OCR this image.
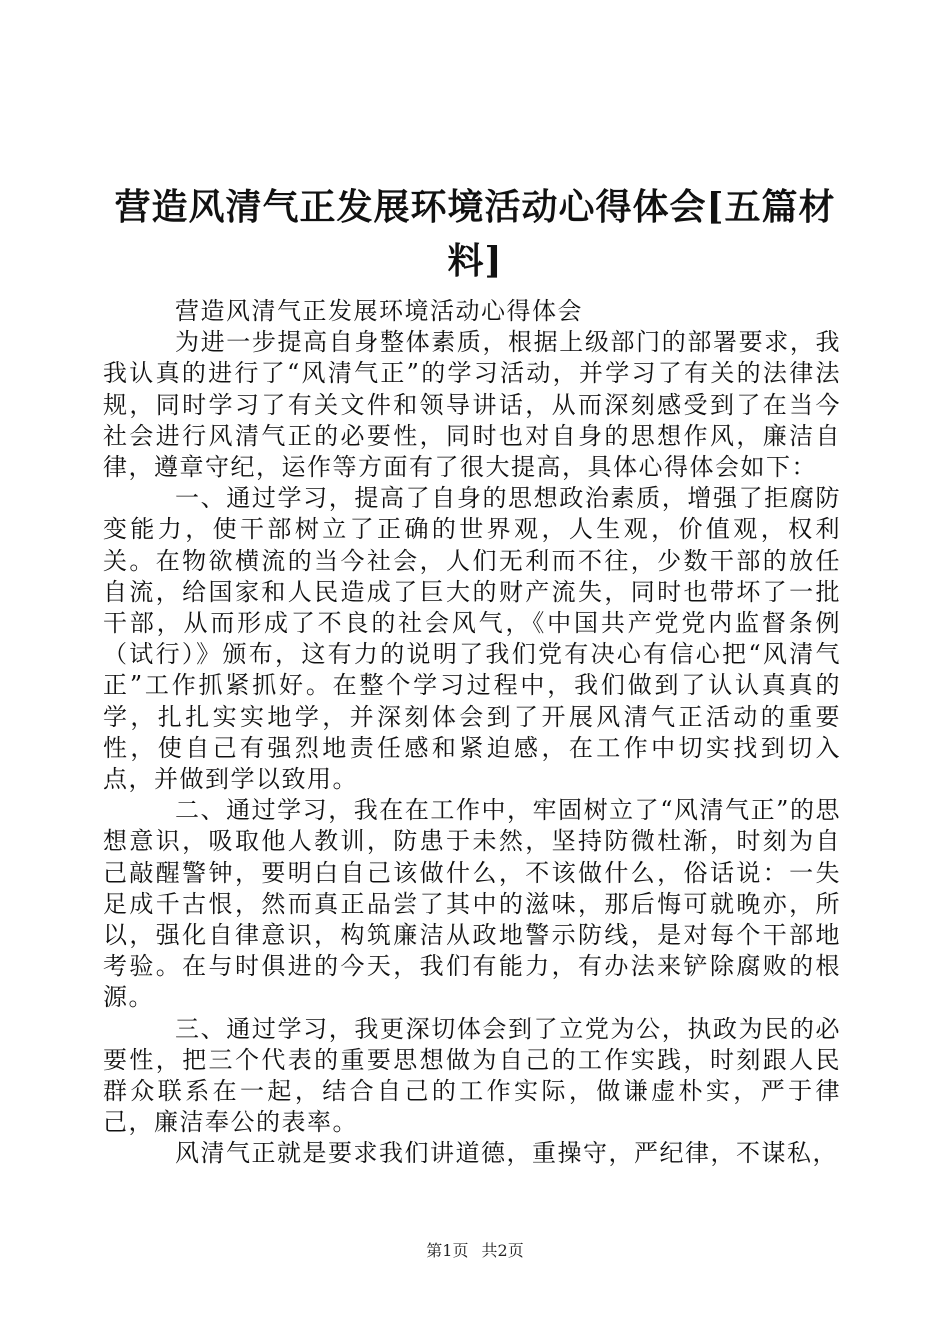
营造风清气正发展环境活动心得体会[五篇材料]

营造风清气正发展环境活动心得体会

为进一步提高自身整体素质，根据上级部门的部署要求，我我认真的进行了“风清气正”的学习活动，并学习了有关的法律法规，同时学习了有关文件和领导讲话，从而深刻感受到了在当今社会进行风清气正的必要性，同时也对自身的思想作风，廉洁自律，遵章守纪，运作等方面有了很大提高，具体心得体会如下：

一、通过学习，提高了自身的思想政治素质，增强了拒腐防变能力，使干部树立了正确的世界观，人生观，价值观，权利关。在物欲横流的当今社会，人们无利而不往，少数干部的放任自流，给国家和人民造成了巨大的财产流失，同时也带坏了一批干部，从而形成了不良的社会风气，《中国共产党党内监督条例（试行）》颁布，这有力的说明了我们党有决心有信心把“风清气正”工作抓紧抓好。在整个学习过程中，我们做到了认认真真的学，扎扎实实地学，并深刻体会到了开展风清气正活动的重要性，使自己有强烈地责任感和紧迫感，在工作中切实找到切入点，并做到学以致用。

二、通过学习，我在在工作中，牢固树立了“风清气正”的思想意识，吸取他人教训，防患于未然，坚持防微杜渐，时刻为自己敲醒警钟，要明白自己该做什么，不该做什么，俗话说：一失足成千古恨，然而真正品尝了其中的滋味，那后悔可就晚亦，所以，强化自律意识，构筑廉洁从政地警示防线，是对每个干部地考验。在与时俱进的今天，我们有能力，有办法来铲除腐败的根源。

三、通过学习，我更深切体会到了立党为公，执政为民的必要性，把三个代表的重要思想做为自己的工作实践，时刻跟人民群众联系在一起，结合自己的工作实际，做谦虚朴实，严于律己，廉洁奉公的表率。

风清气正就是要求我们讲道德，重操守，严纪律，不谋私，

第1页 共2页
